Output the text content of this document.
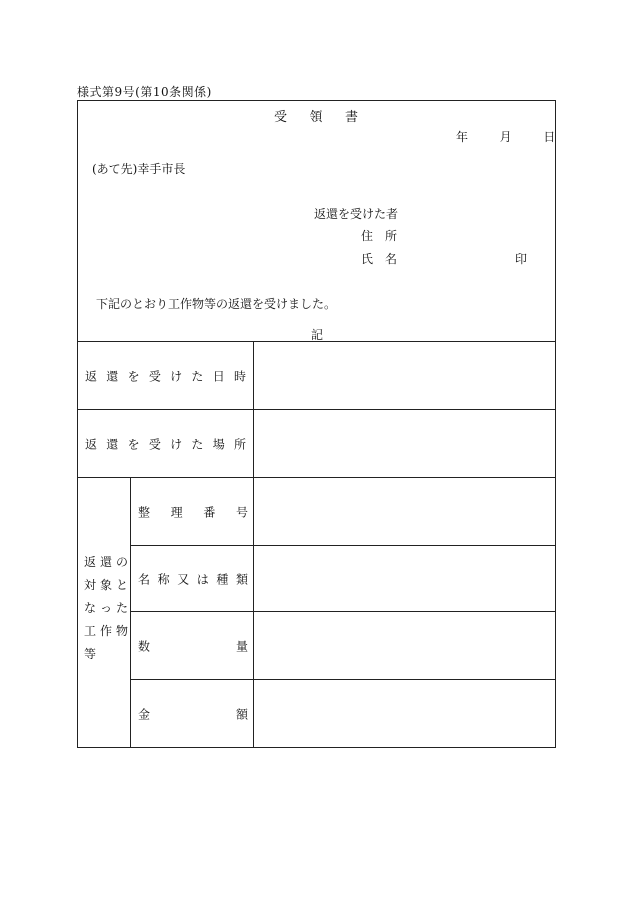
様式第9号(第10条関係)
受 領 書
年	月	日
(あて先)幸手市長
返還を受けた者
住 所
氏 名	印
下記のとおり工作物等の返還を受けました。
記
返 還 を 受 け た 日 時
返 還 を 受 け た 場 所
返還の対象となった工作物等
整 理 番 号
名 称 又 は 種 類
数	量
金	額
